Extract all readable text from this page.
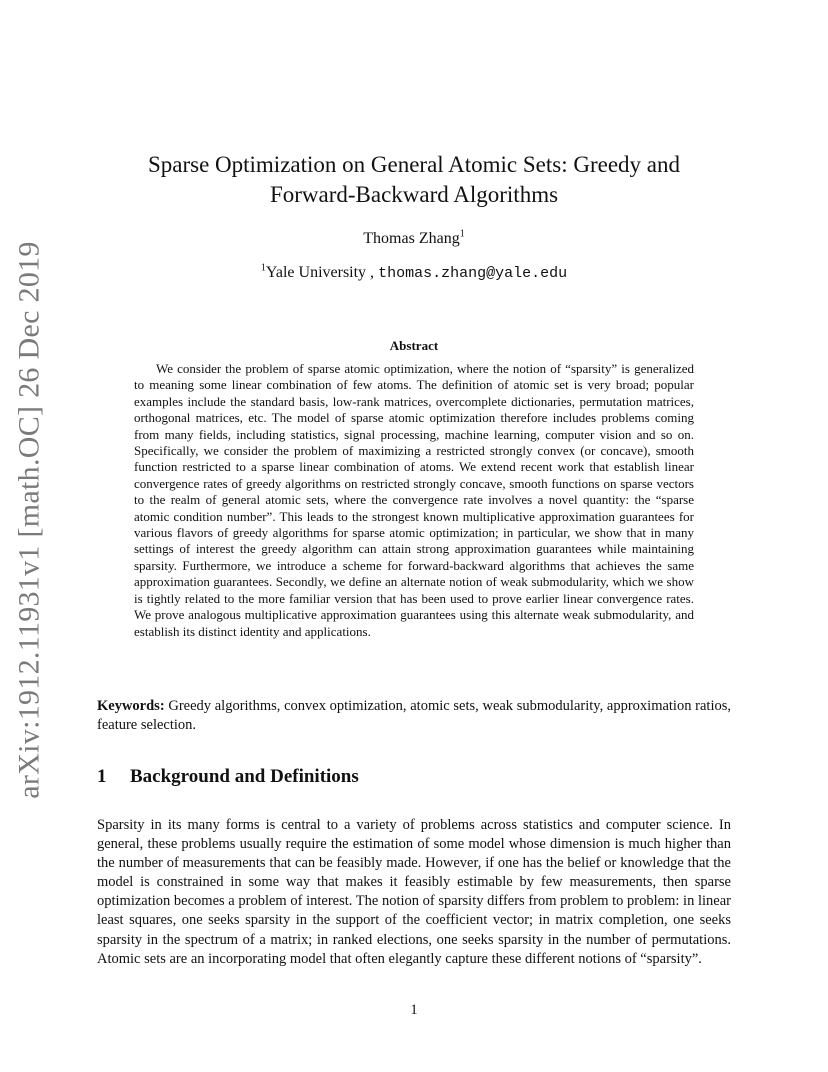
arXiv:1912.11931v1 [math.OC] 26 Dec 2019
Sparse Optimization on General Atomic Sets: Greedy and
Forward-Backward Algorithms
Thomas Zhang$^1$
$^1$Yale University , thomas.zhang@yale.edu
Abstract

We consider the problem of sparse atomic optimization, where the notion of “sparsity” is generalized to meaning some linear combination of few atoms. The definition of atomic set is very broad; popular examples include the standard basis, low-rank matrices, overcomplete dictionaries, permutation matrices, orthogonal matrices, etc. The model of sparse atomic optimization therefore includes problems coming from many fields, including statistics, signal processing, machine learning, computer vision and so on. Specifically, we consider the problem of maximizing a restricted strongly convex (or concave), smooth function restricted to a sparse linear combination of atoms. We extend recent work that establish linear convergence rates of greedy algorithms on restricted strongly concave, smooth functions on sparse vectors to the realm of general atomic sets, where the convergence rate involves a novel quantity: the “sparse atomic condition number”. This leads to the strongest known multiplicative approximation guarantees for various flavors of greedy algorithms for sparse atomic optimization; in particular, we show that in many settings of interest the greedy algorithm can attain strong approximation guarantees while maintaining sparsity. Furthermore, we introduce a scheme for forward-backward algorithms that achieves the same approximation guarantees. Secondly, we define an alternate notion of weak submodularity, which we show is tightly related to the more familiar version that has been used to prove earlier linear convergence rates. We prove analogous multiplicative approximation guarantees using this alternate weak submodularity, and establish its distinct identity and applications.

Keywords: Greedy algorithms, convex optimization, atomic sets, weak submodularity, approximation ratios, feature selection.

1 Background and Definitions

Sparsity in its many forms is central to a variety of problems across statistics and computer science. In general, these problems usually require the estimation of some model whose dimension is much higher than the number of measurements that can be feasibly made. However, if one has the belief or knowledge that the model is constrained in some way that makes it feasibly estimable by few measurements, then sparse optimization becomes a problem of interest. The notion of sparsity differs from problem to problem: in linear least squares, one seeks sparsity in the support of the coefficient vector; in matrix completion, one seeks sparsity in the spectrum of a matrix; in ranked elections, one seeks sparsity in the number of permutations. Atomic sets are an incorporating model that often elegantly capture these different notions of “sparsity”.

1
